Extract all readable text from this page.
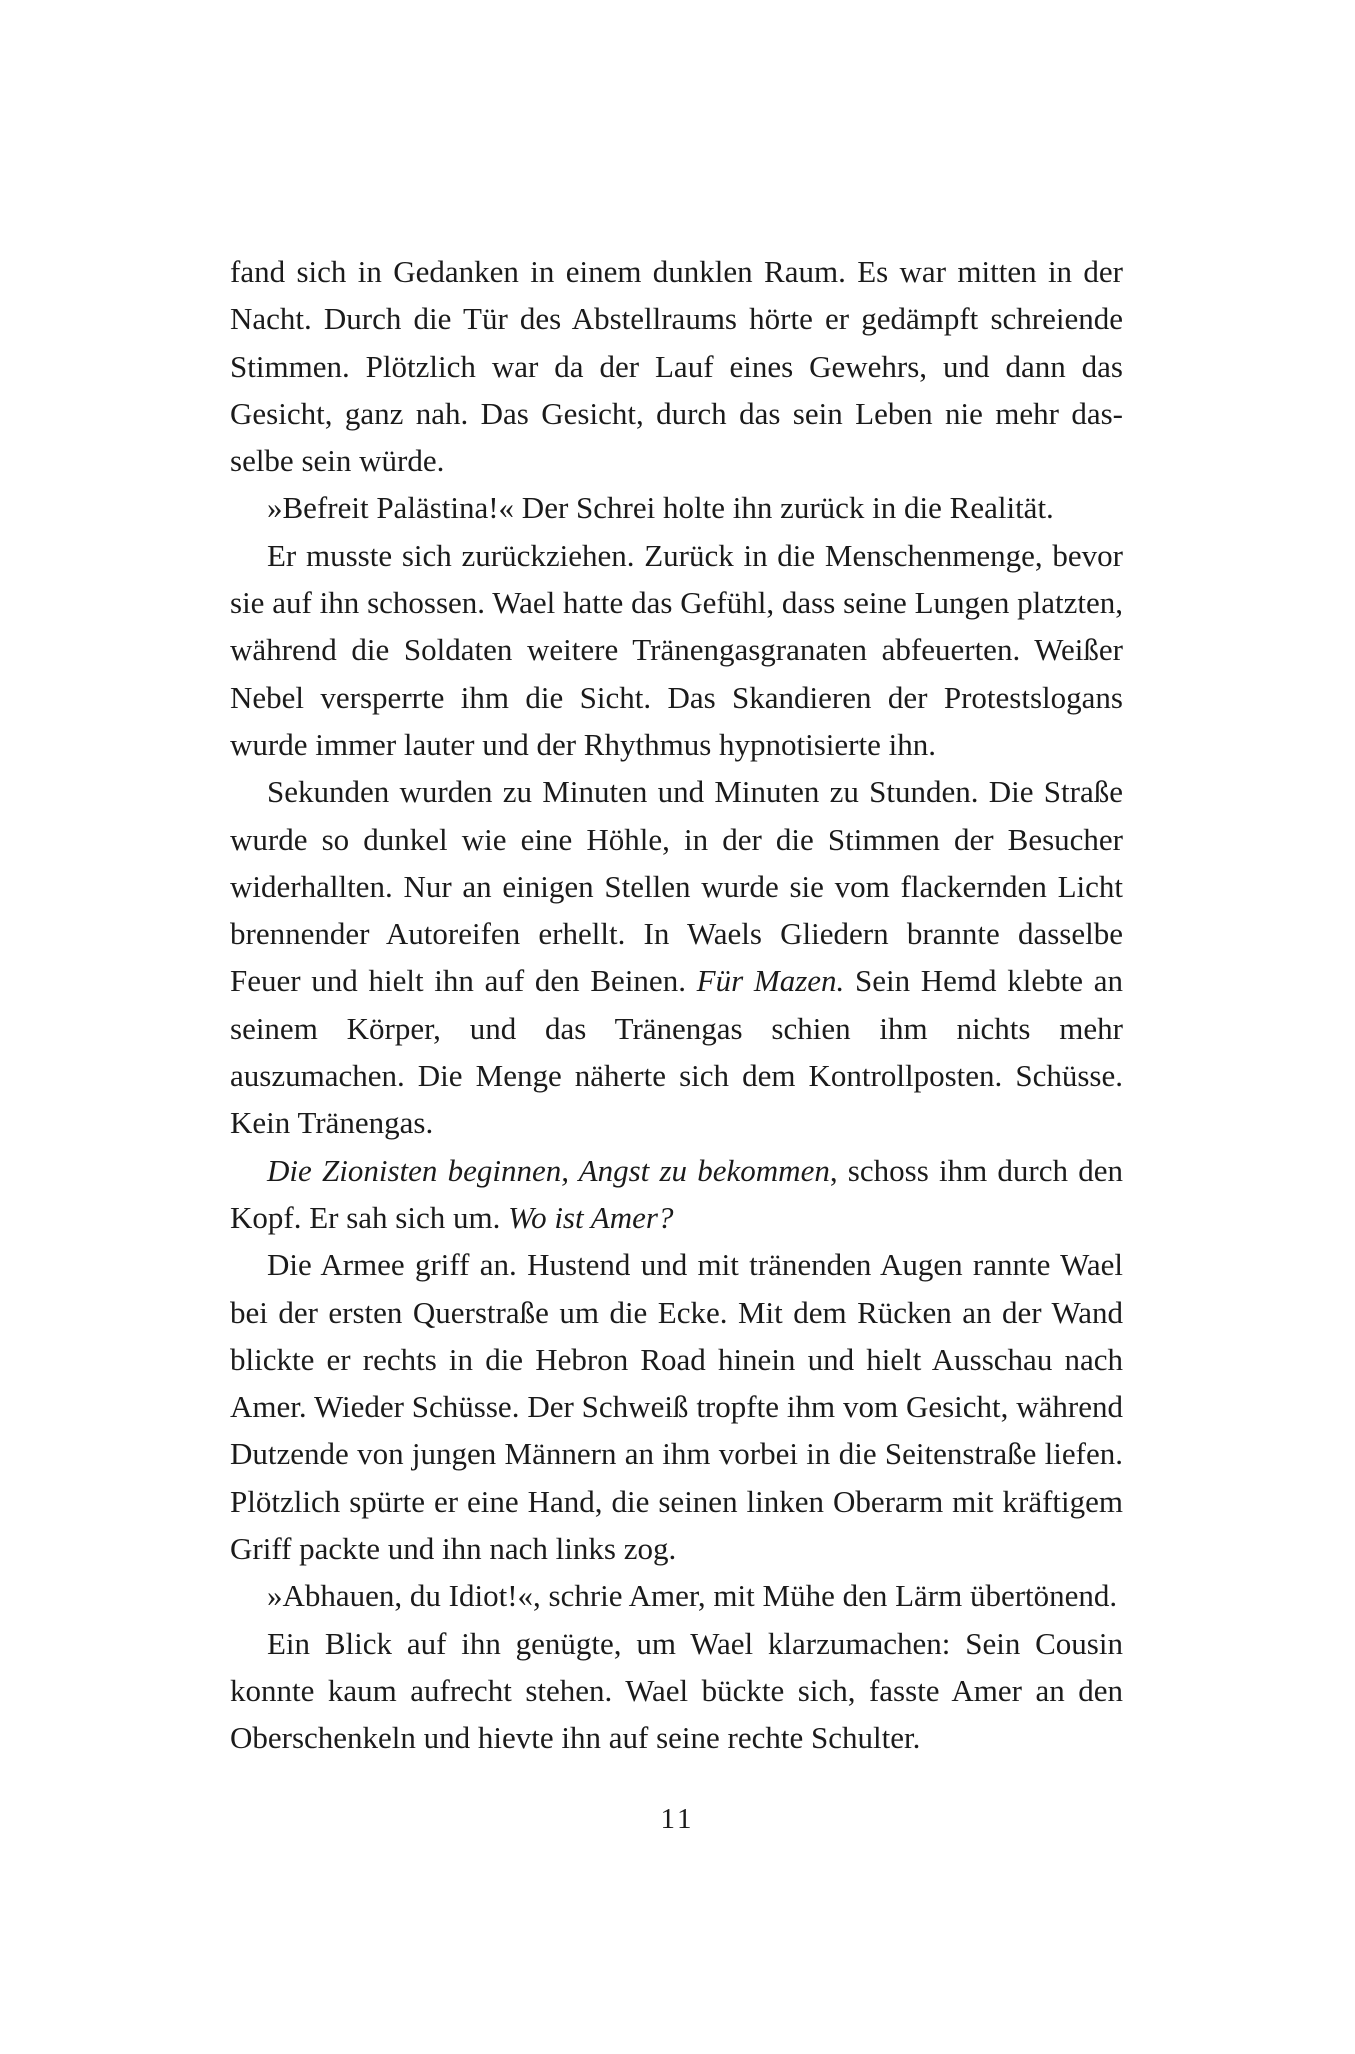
fand sich in Gedanken in einem dunklen Raum. Es war mitten in der Nacht. Durch die Tür des Abstellraums hörte er gedämpft schreiende Stimmen. Plötzlich war da der Lauf eines Gewehrs, und dann das Gesicht, ganz nah. Das Gesicht, durch das sein Leben nie mehr dasselbe sein würde.

»Befreit Palästina!« Der Schrei holte ihn zurück in die Realität.

Er musste sich zurückziehen. Zurück in die Menschenmenge, bevor sie auf ihn schossen. Wael hatte das Gefühl, dass seine Lungen platzten, während die Soldaten weitere Tränengasgranaten abfeuerten. Weißer Nebel versperrte ihm die Sicht. Das Skandieren der Protestslogans wurde immer lauter und der Rhythmus hypnotisierte ihn.

Sekunden wurden zu Minuten und Minuten zu Stunden. Die Straße wurde so dunkel wie eine Höhle, in der die Stimmen der Besucher widerhallten. Nur an einigen Stellen wurde sie vom flackernden Licht brennender Autoreifen erhellt. In Waels Gliedern brannte dasselbe Feuer und hielt ihn auf den Beinen. Für Mazen. Sein Hemd klebte an seinem Körper, und das Tränengas schien ihm nichts mehr auszumachen. Die Menge näherte sich dem Kontrollposten. Schüsse. Kein Tränengas.

Die Zionisten beginnen, Angst zu bekommen, schoss ihm durch den Kopf. Er sah sich um. Wo ist Amer?

Die Armee griff an. Hustend und mit tränenden Augen rannte Wael bei der ersten Querstraße um die Ecke. Mit dem Rücken an der Wand blickte er rechts in die Hebron Road hinein und hielt Ausschau nach Amer. Wieder Schüsse. Der Schweiß tropfte ihm vom Gesicht, während Dutzende von jungen Männern an ihm vorbei in die Seitenstraße liefen. Plötzlich spürte er eine Hand, die seinen linken Oberarm mit kräftigem Griff packte und ihn nach links zog.

»Abhauen, du Idiot!«, schrie Amer, mit Mühe den Lärm übertönend.

Ein Blick auf ihn genügte, um Wael klarzumachen: Sein Cousin konnte kaum aufrecht stehen. Wael bückte sich, fasste Amer an den Oberschenkeln und hievte ihn auf seine rechte Schulter.

11
